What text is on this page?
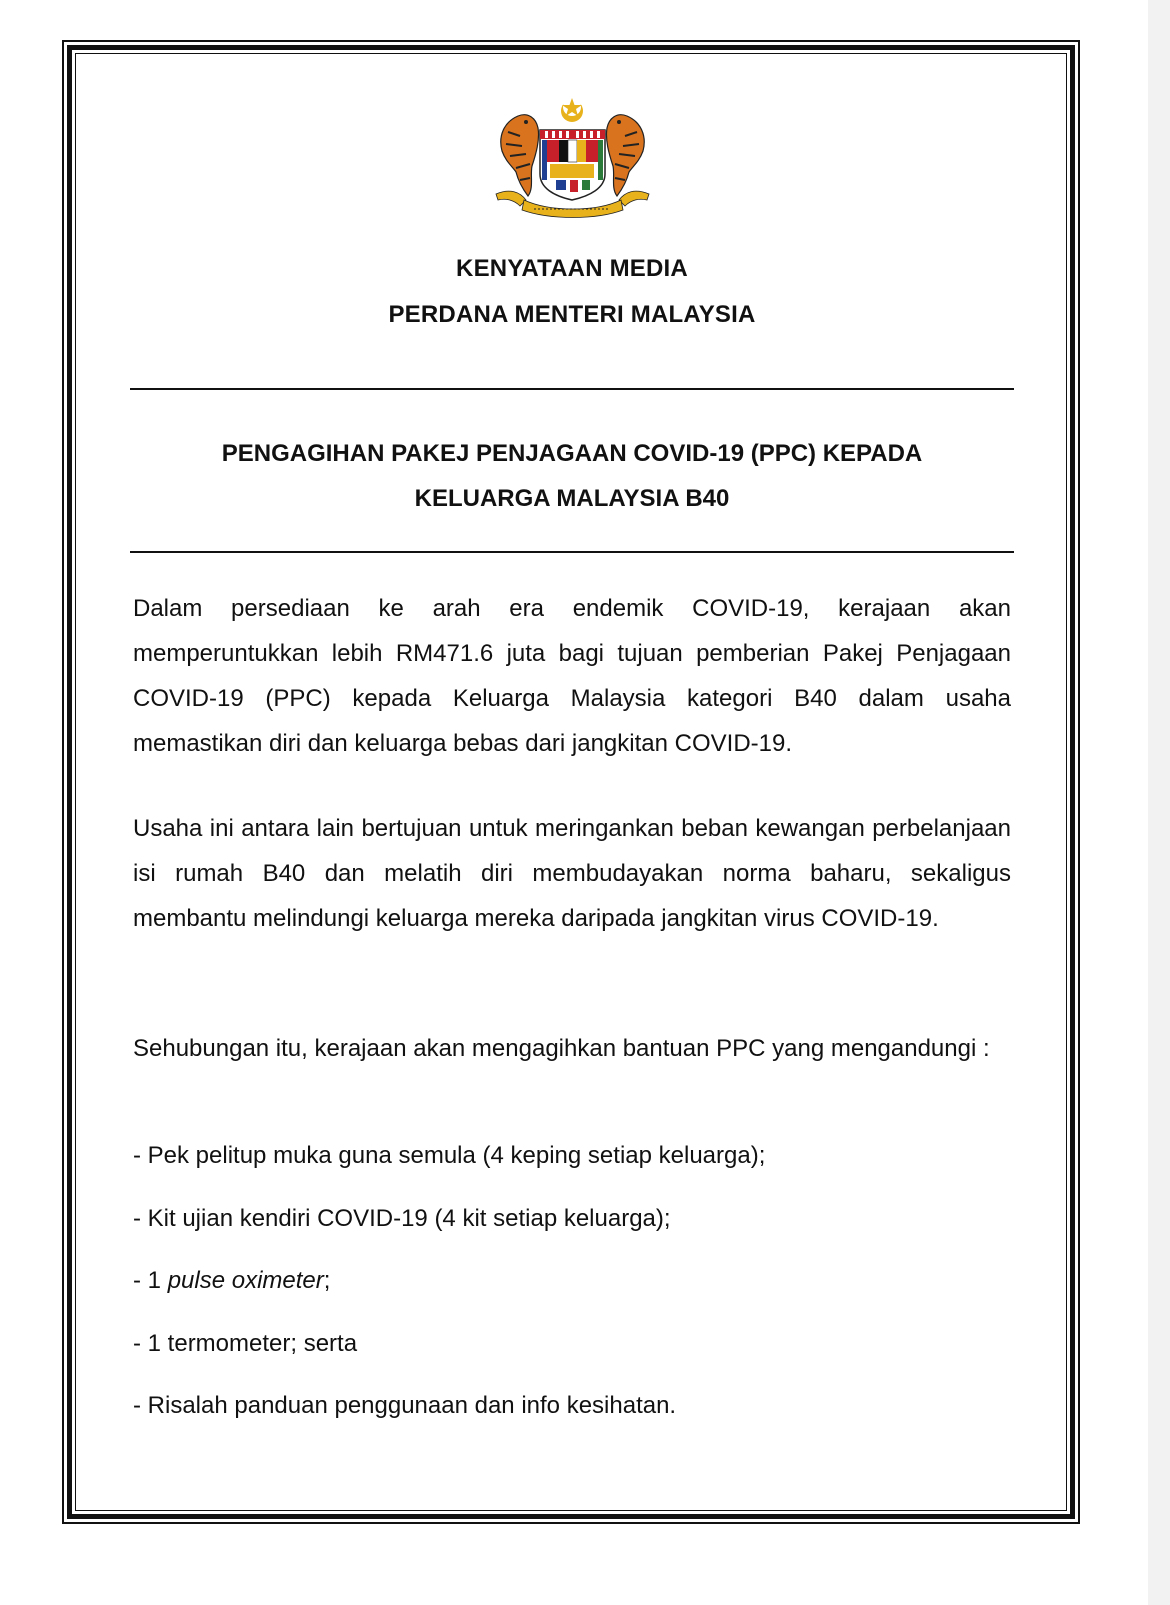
KENYATAAN MEDIA
PERDANA MENTERI MALAYSIA
PENGAGIHAN PAKEJ PENJAGAAN COVID-19 (PPC) KEPADA
KELUARGA MALAYSIA B40

Dalam persediaan ke arah era endemik COVID-19, kerajaan akan memperuntukkan lebih RM471.6 juta bagi tujuan pemberian Pakej Penjagaan COVID-19 (PPC) kepada Keluarga Malaysia kategori B40 dalam usaha memastikan diri dan keluarga bebas dari jangkitan COVID-19.

Usaha ini antara lain bertujuan untuk meringankan beban kewangan perbelanjaan isi rumah B40 dan melatih diri membudayakan norma baharu, sekaligus membantu melindungi keluarga mereka daripada jangkitan virus COVID-19.

Sehubungan itu, kerajaan akan mengagihkan bantuan PPC yang mengandungi :

- Pek pelitup muka guna semula (4 keping setiap keluarga);

- Kit ujian kendiri COVID-19 (4 kit setiap keluarga);

- 1 pulse oximeter;

- 1 termometer; serta

- Risalah panduan penggunaan dan info kesihatan.
